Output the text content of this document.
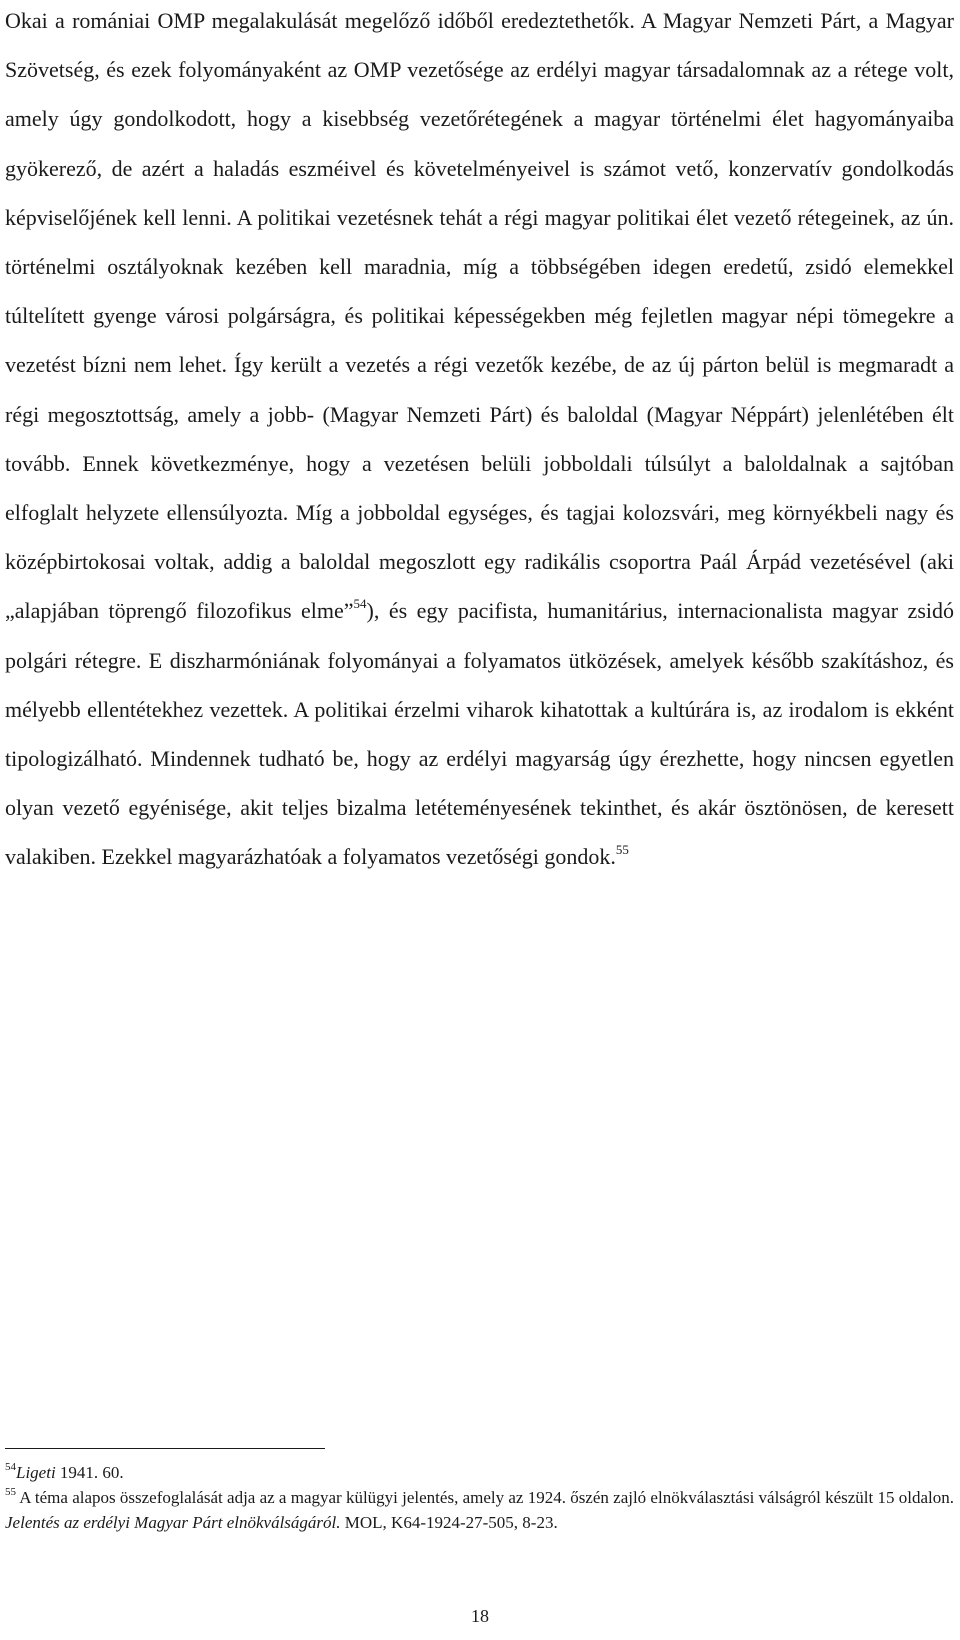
Okai a romániai OMP megalakulását megelőző időből eredeztethetők. A Magyar Nemzeti Párt, a Magyar Szövetség, és ezek folyományaként az OMP vezetősége az erdélyi magyar társadalomnak az a rétege volt, amely úgy gondolkodott, hogy a kisebbség vezetőrétegének a magyar történelmi élet hagyományaiba gyökerező, de azért a haladás eszméivel és követelményeivel is számot vető, konzervatív gondolkodás képviselőjének kell lenni. A politikai vezetésnek tehát a régi magyar politikai élet vezető rétegeinek, az ún. történelmi osztályoknak kezében kell maradnia, míg a többségében idegen eredetű, zsidó elemekkel túltelített gyenge városi polgárságra, és politikai képességekben még fejletlen magyar népi tömegekre a vezetést bízni nem lehet. Így került a vezetés a régi vezetők kezébe, de az új párton belül is megmaradt a régi megosztottság, amely a jobb- (Magyar Nemzeti Párt) és baloldal (Magyar Néppárt) jelenlétében élt tovább. Ennek következménye, hogy a vezetésen belüli jobboldali túlsúlyt a baloldalnak a sajtóban elfoglalt helyzete ellensúlyozta. Míg a jobboldal egységes, és tagjai kolozsvári, meg környékbeli nagy és középbirtokosai voltak, addig a baloldal megoszlott egy radikális csoportra Paál Árpád vezetésével (aki „alapjában töprengő filozofikus elme”$^{54}$), és egy pacifista, humanitárius, internacionalista magyar zsidó polgári rétegre. E diszharmóniának folyományai a folyamatos ütközések, amelyek később szakításhoz, és mélyebb ellentétekhez vezettek. A politikai érzelmi viharok kihatottak a kultúrára is, az irodalom is ekként tipologizálható. Mindennek tudható be, hogy az erdélyi magyarság úgy érezhette, hogy nincsen egyetlen olyan vezető egyénisége, akit teljes bizalma letéteményesének tekinthet, és akár ösztönösen, de keresett valakiben. Ezekkel magyarázhatóak a folyamatos vezetőségi gondok.$^{55}$

$^{54}$Ligeti 1941. 60.

$^{55}$ A téma alapos összefoglalását adja az a magyar külügyi jelentés, amely az 1924. őszén zajló elnökválasztási válságról készült 15 oldalon. Jelentés az erdélyi Magyar Párt elnökválságáról. MOL, K64-1924-27-505, 8-23.

18
